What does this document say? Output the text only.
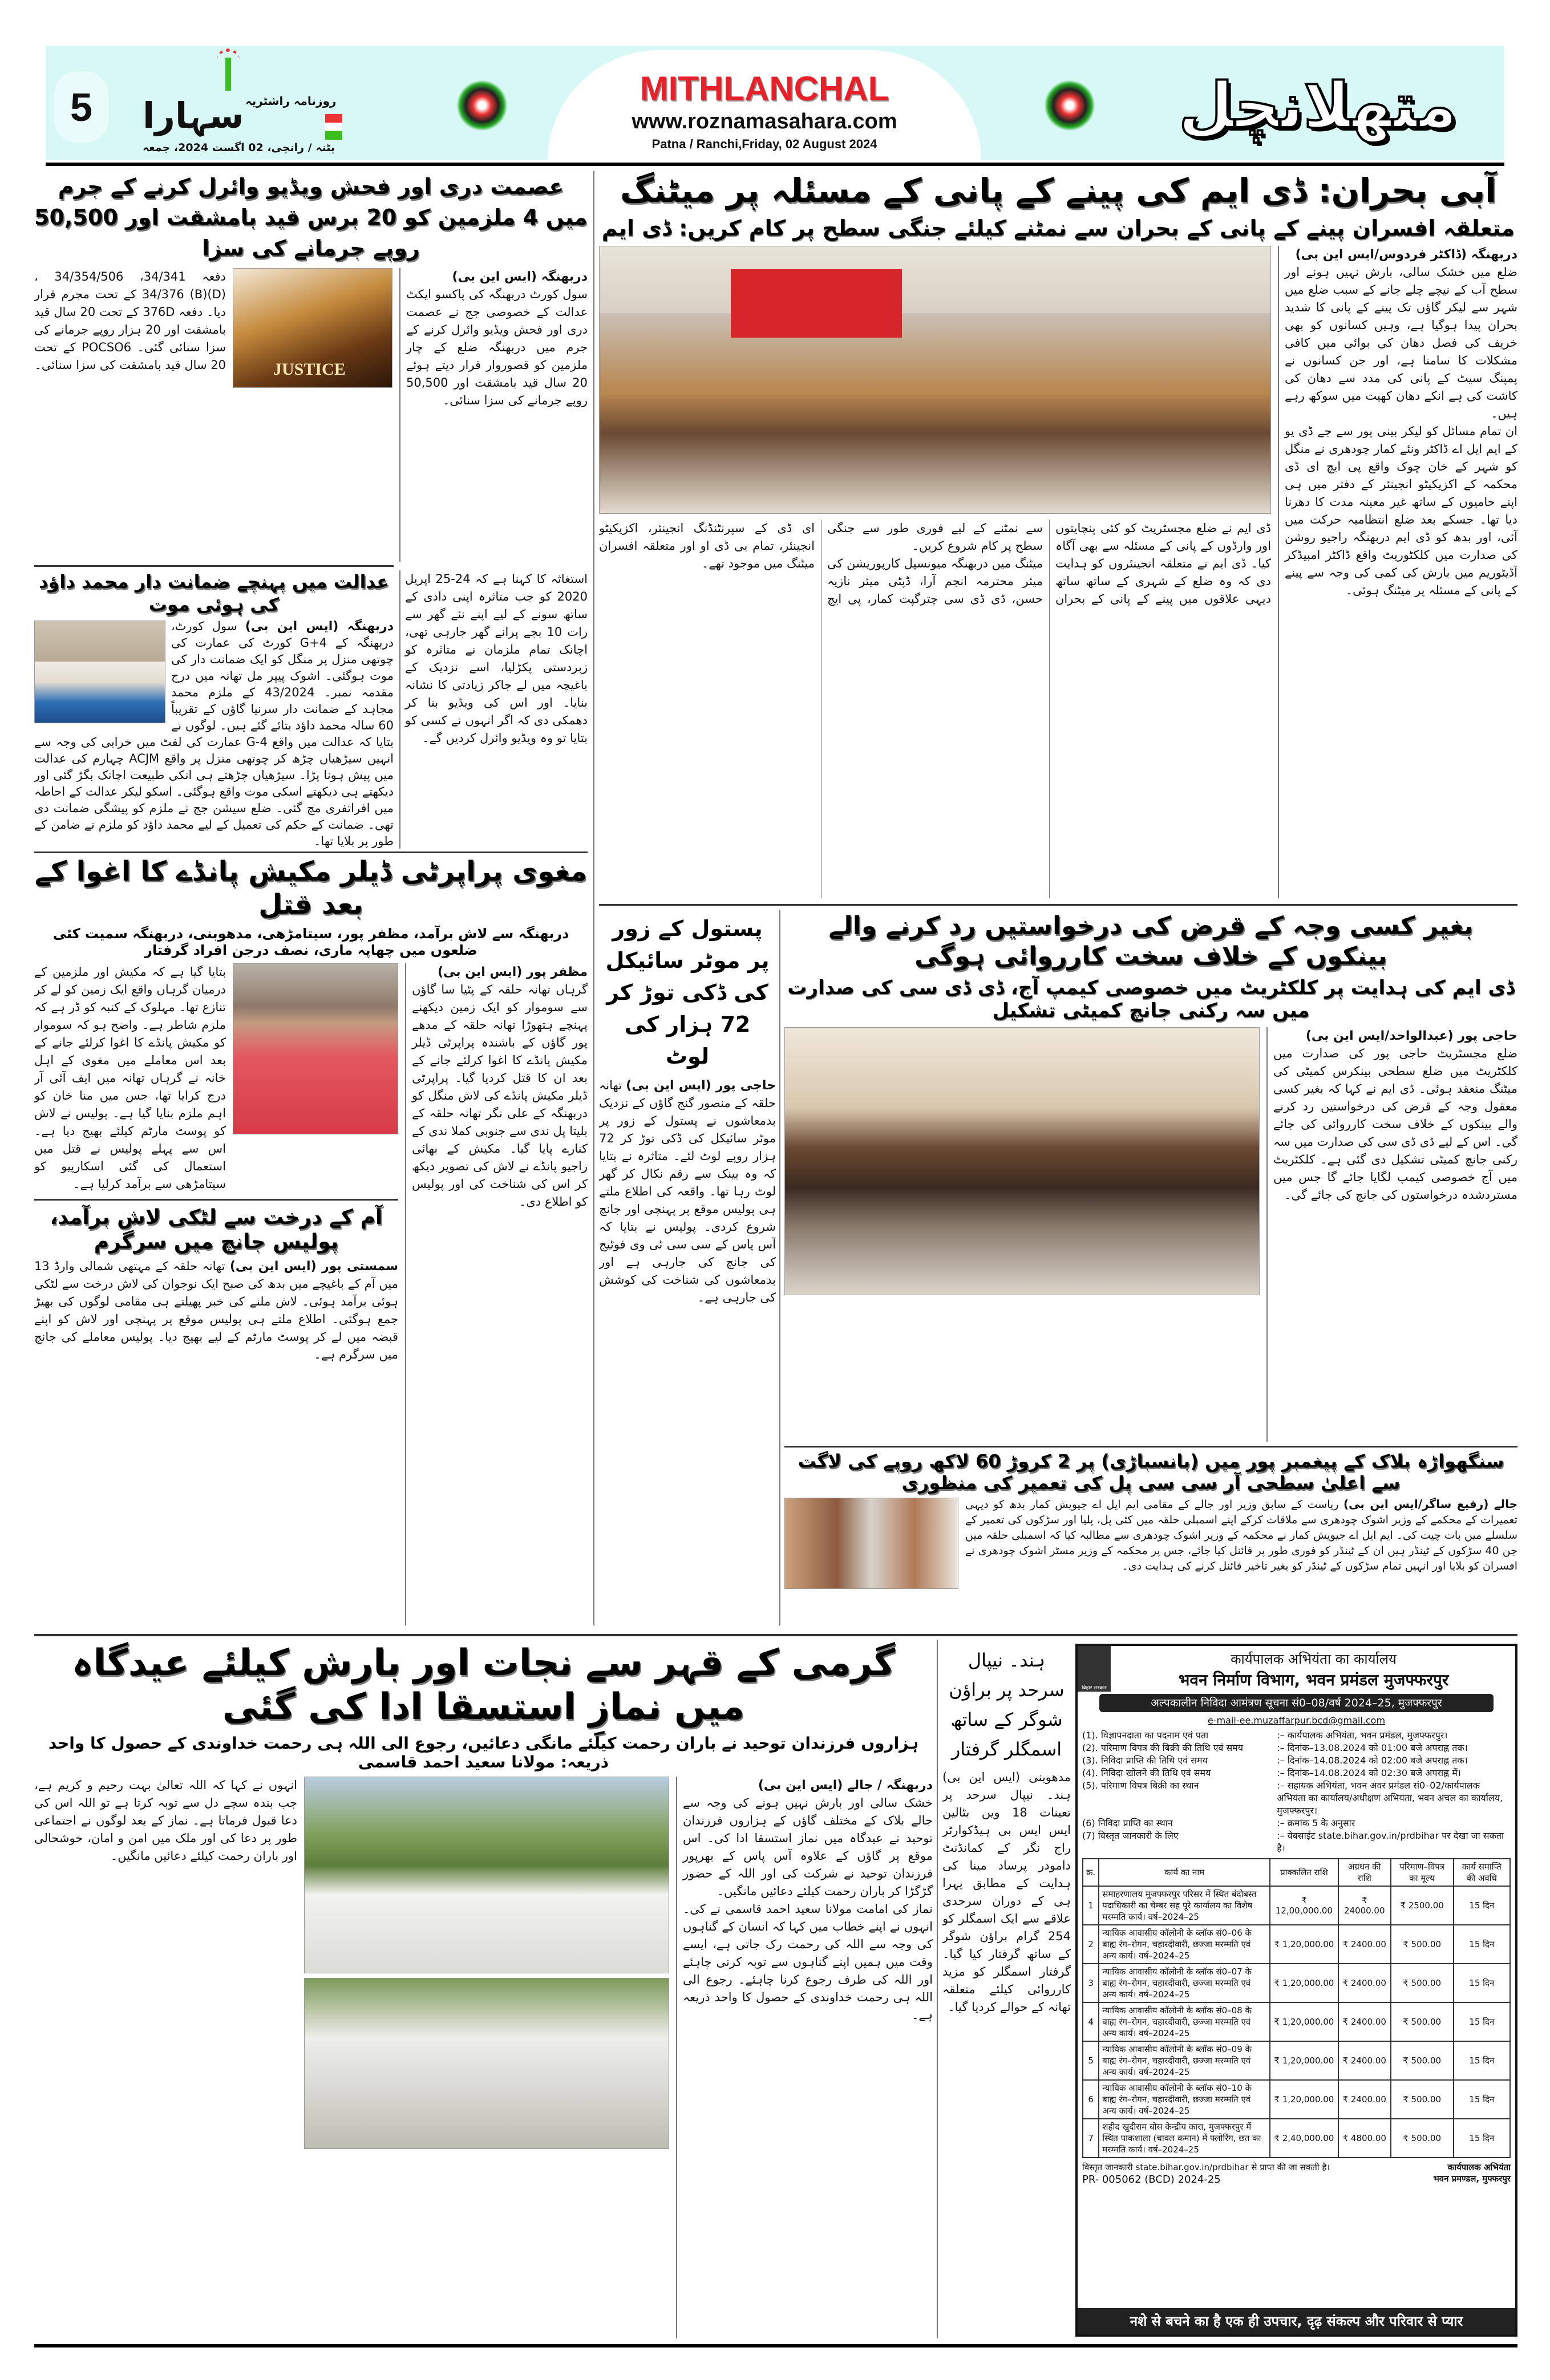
5	روزنامہ راشٹریہ
سہارا
پٹنہ / رانچی، 02 اگست 2024، جمعہ
MITHLANCHAL
www.roznamasahara.com
Patna / Ranchi,Friday, 02 August 2024
متھلانچل
آبی بحران: ڈی ایم کی پینے کے پانی کے مسئلہ پر میٹنگ
متعلقہ افسران پینے کے پانی کے بحران سے نمٹنے کیلئے جنگی سطح پر کام کریں: ڈی ایم
دربھنگہ (ڈاکٹر فردوس/ایس این بی)

ضلع میں خشک سالی، بارش نہیں ہونے اور سطح آب کے نیچے چلے جانے کے سبب ضلع میں شہر سے لیکر گاؤں تک پینے کے پانی کا شدید بحران پیدا ہوگیا ہے، وہیں کسانوں کو بھی خریف کی فصل دھان کی بوائی میں کافی مشکلات کا سامنا ہے، اور جن کسانوں نے پمپنگ سیٹ کے پانی کی مدد سے دھان کی کاشت کی ہے انکے دھان کھیت میں سوکھ رہے ہیں۔

ان تمام مسائل کو لیکر بینی پور سے جے ڈی یو کے ایم ایل اے ڈاکٹر ونئے کمار چودھری نے منگل کو شہر کے خان چوک واقع پی ایچ ای ڈی محکمہ کے اکزیکیٹو انجینئر کے دفتر میں ہی اپنے حامیوں کے ساتھ غیر معینہ مدت کا دھرنا دیا تھا۔ جسکے بعد ضلع انتظامیہ حرکت میں آئی، اور بدھ کو ڈی ایم دربھنگہ راجیو روشن کی صدارت میں کلکٹوریٹ واقع ڈاکٹر امبیڈکر آڈیٹوریم میں بارش کی کمی کی وجہ سے پینے کے پانی کے مسئلہ پر میٹنگ ہوئی۔

ڈی ایم نے ضلع مجسٹریٹ کو کئی پنچایتوں اور وارڈوں کے پانی کے مسئلہ سے بھی آگاہ کیا۔ ڈی ایم نے متعلقہ انجینئروں کو ہدایت دی کہ وہ ضلع کے شہری کے ساتھ ساتھ دیہی علاقوں میں پینے کے پانی کے بحران سے نمٹنے کے لیے فوری طور سے جنگی سطح پر کام شروع کریں۔

میٹنگ میں دربھنگہ میونسپل کارپوریشن کی میئر محترمہ انجم آرا، ڈپٹی میئر نازیہ حسن، ڈی ڈی سی چترگپت کمار، پی ایچ ای ڈی کے سپرنٹنڈنگ انجینئر، اکزیکیٹو انجینئر، تمام بی ڈی او اور متعلقہ افسران میٹنگ میں موجود تھے۔

عصمت دری اور فحش ویڈیو وائرل کرنے کے جرم میں 4 ملزمین کو 20 برس قید بامشقت اور 50,500 روپے جرمانے کی سزا
دربھنگہ (ایس این بی)

سول کورٹ دربھنگہ کی پاکسو ایکٹ عدالت کے خصوصی جج نے عصمت دری اور فحش ویڈیو وائرل کرنے کے جرم میں دربھنگہ ضلع کے چار ملزمین کو قصوروار قرار دیتے ہوئے 20 سال قید بامشقت اور 50,500 روپے جرمانے کی سزا سنائی۔

JUSTICE

دفعہ 34/341، 34/354/506 ، (D)34/376 (B) کے تحت مجرم قرار دیا۔ دفعہ 376D کے تحت 20 سال قید بامشقت اور 20 ہزار روپے جرمانے کی سزا سنائی گئی۔ POCSO6 کے تحت 20 سال قید بامشقت کی سزا سنائی۔

استغاثہ کا کہنا ہے کہ 24-25 اپریل 2020 کو جب متاثرہ اپنی دادی کے ساتھ سونے کے لیے اپنے نئے گھر سے رات 10 بجے پرانے گھر جارہی تھی، اچانک تمام ملزمان نے متاثرہ کو زبردستی پکڑلیا، اسے نزدیک کے باغیچہ میں لے جاکر زیادتی کا نشانہ بنایا۔ اور اس کی ویڈیو بنا کر دھمکی دی کہ اگر انہوں نے کسی کو بتایا تو وہ ویڈیو وائرل کردیں گے۔

عدالت میں پہنچے ضمانت دار محمد داؤد کی ہوئی موت
دربھنگہ (ایس این بی) سول کورٹ، دربھنگہ کے G+4 کورٹ کی عمارت کی چوتھی منزل پر منگل کو ایک ضمانت دار کی موت ہوگئی۔ اشوک پیپر مل تھانہ میں درج مقدمہ نمبر۔ 43/2024 کے ملزم محمد مجاہد کے ضمانت دار سرنیا گاؤں کے تقریباً 60 سالہ محمد داؤد بتائے گئے ہیں۔ لوگوں نے بتایا کہ عدالت میں واقع G-4 عمارت کی لفٹ میں خرابی کی وجہ سے انہیں سیڑھیاں چڑھ کر چوتھی منزل پر واقع ACJM چہارم کی عدالت میں پیش ہونا پڑا۔ سیڑھیاں چڑھتے ہی انکی طبیعت اچانک بگڑ گئی اور دیکھتے ہی دیکھتے اسکی موت واقع ہوگئی۔ اسکو لیکر عدالت کے احاطہ میں افراتفری مچ گئی۔ ضلع سیشن جج نے ملزم کو پیشگی ضمانت دی تھی۔ ضمانت کے حکم کی تعمیل کے لیے محمد داؤد کو ملزم نے ضامن کے طور پر بلایا تھا۔
مغوی پراپرٹی ڈیلر مکیش پانڈے کا اغوا کے بعد قتل
دربھنگہ سے لاش برآمد، مظفر پور، سیتامڑھی، مدھوبنی، دربھنگہ سمیت کئی ضلعوں میں چھاپہ ماری، نصف درجن افراد گرفتار
مظفر پور (ایس این بی)

گرہاں تھانہ حلقہ کے پٹیا سا گاؤں سے سوموار کو ایک زمین دیکھنے پہنچے ہتھوڑا تھانہ حلقہ کے مدھے پور گاؤں کے باشندہ پراپرٹی ڈیلر مکیش پانڈے کا اغوا کرلئے جانے کے بعد ان کا قتل کردیا گیا۔ پراپرٹی ڈیلر مکیش پانڈے کی لاش منگل کو دربھنگہ کے علی نگر تھانہ حلقہ کے بلیتا پل ندی سے جنوبی کملا ندی کے کنارے پایا گیا۔ مکیش کے بھائی راجیو پانڈے نے لاش کی تصویر دیکھ کر اس کی شناخت کی اور پولیس کو اطلاع دی۔

بتایا گیا ہے کہ مکیش اور ملزمین کے درمیان گرہاں واقع ایک زمین کو لے کر تنازع تھا۔ مہلوک کے کنبہ کو ڈر ہے کہ ملزم شاطر ہے۔ واضح ہو کہ سوموار کو مکیش پانڈے کا اغوا کرلئے جانے کے بعد اس معاملے میں مغوی کے اہل خانہ نے گرہاں تھانہ میں ایف آئی آر درج کرایا تھا، جس میں منا خان کو اہم ملزم بنایا گیا ہے۔ پولیس نے لاش کو پوسٹ مارٹم کیلئے بھیج دیا ہے۔ اس سے پہلے پولیس نے قتل میں استعمال کی گئی اسکارپیو کو سیتامڑھی سے برآمد کرلیا ہے۔

آم کے درخت سے لٹکی لاش برآمد، پولیس جانچ میں سرگرم
سمستی پور (ایس این بی) تھانہ حلقہ کے مہتھی شمالی وارڈ 13 میں آم کے باغیچے میں بدھ کی صبح ایک نوجوان کی لاش درخت سے لٹکی ہوئی برآمد ہوئی۔ لاش ملنے کی خبر پھیلتے ہی مقامی لوگوں کی بھیڑ جمع ہوگئی۔ اطلاع ملتے ہی پولیس موقع پر پہنچی اور لاش کو اپنے قبضہ میں لے کر پوسٹ مارٹم کے لیے بھیج دیا۔ پولیس معاملے کی جانچ میں سرگرم ہے۔
پستول کے زور پر موٹر سائیکل کی ڈکی توڑ کر 72 ہزار کی لوٹ
حاجی پور (ایس این بی) تھانہ حلقہ کے منصور گنج گاؤں کے نزدیک بدمعاشوں نے پستول کے زور پر موٹر سائیکل کی ڈکی توڑ کر 72 ہزار روپے لوٹ لئے۔ متاثرہ نے بتایا کہ وہ بینک سے رقم نکال کر گھر لوٹ رہا تھا۔ واقعہ کی اطلاع ملتے ہی پولیس موقع پر پہنچی اور جانچ شروع کردی۔ پولیس نے بتایا کہ آس پاس کے سی سی ٹی وی فوٹیج کی جانچ کی جارہی ہے اور بدمعاشوں کی شناخت کی کوشش کی جارہی ہے۔
بغیر کسی وجہ کے قرض کی درخواستیں رد کرنے والے بینکوں کے خلاف سخت کارروائی ہوگی
ڈی ایم کی ہدایت پر کلکٹریٹ میں خصوصی کیمپ آج، ڈی ڈی سی کی صدارت میں سہ رکنی جانچ کمیٹی تشکیل
حاجی پور (عبدالواحد/ایس این بی)

ضلع مجسٹریٹ حاجی پور کی صدارت میں کلکٹریٹ میں ضلع سطحی بینکرس کمیٹی کی میٹنگ منعقد ہوئی۔ ڈی ایم نے کہا کہ بغیر کسی معقول وجہ کے قرض کی درخواستیں رد کرنے والے بینکوں کے خلاف سخت کارروائی کی جائے گی۔ اس کے لیے ڈی ڈی سی کی صدارت میں سہ رکنی جانچ کمیٹی تشکیل دی گئی ہے۔ کلکٹریٹ میں آج خصوصی کیمپ لگایا جائے گا جس میں مستردشدہ درخواستوں کی جانچ کی جائے گی۔

سنگھواڑہ بلاک کے پیغمبر پور میں (بانسباڑی) پر 2 کروڑ 60 لاکھ روپے کی لاگت سے اعلیٰ سطحی آر سی سی پل کی تعمیر کی منظوری
جالے (رفیع ساگر/ایس این بی) ریاست کے سابق وزیر اور جالے کے مقامی ایم ایل اے جیویش کمار بدھ کو دیہی تعمیرات کے محکمے کے وزیر اشوک چودھری سے ملاقات کرکے اپنے اسمبلی حلقہ میں کئی پل، پلیا اور سڑکوں کی تعمیر کے سلسلے میں بات چیت کی۔ ایم ایل اے جیویش کمار نے محکمہ کے وزیر اشوک چودھری سے مطالبہ کیا کہ اسمبلی حلقہ میں جن 40 سڑکوں کے ٹینڈر ہیں ان کے ٹینڈر کو فوری طور پر فائنل کیا جائے، جس پر محکمہ کے وزیر مسٹر اشوک چودھری نے افسران کو بلایا اور انہیں تمام سڑکوں کے ٹینڈر کو بغیر تاخیر فائنل کرنے کی ہدایت دی۔
گرمی کے قہر سے نجات اور بارش کیلئے عیدگاہ میں نمازِ استسقا ادا کی گئی
ہزاروں فرزندان توحید نے باران رحمت کیلئے مانگی دعائیں، رجوع الی اللہ ہی رحمت خداوندی کے حصول کا واحد ذریعہ: مولانا سعید احمد قاسمی
دربھنگہ / جالے (ایس این بی)

خشک سالی اور بارش نہیں ہونے کی وجہ سے جالے بلاک کے مختلف گاؤں کے ہزاروں فرزندان توحید نے عیدگاہ میں نماز استسقا ادا کی۔ اس موقع پر گاؤں کے علاوہ آس پاس کے بھرپور فرزندان توحید نے شرکت کی اور اللہ کے حضور گڑگڑا کر باران رحمت کیلئے دعائیں مانگیں۔

نماز کی امامت مولانا سعید احمد قاسمی نے کی۔ انہوں نے اپنے خطاب میں کہا کہ انسان کے گناہوں کی وجہ سے اللہ کی رحمت رک جاتی ہے، ایسے وقت میں ہمیں اپنے گناہوں سے توبہ کرنی چاہئے اور اللہ کی طرف رجوع کرنا چاہئے۔ رجوع الی اللہ ہی رحمت خداوندی کے حصول کا واحد ذریعہ ہے۔

انہوں نے کہا کہ اللہ تعالیٰ بہت رحیم و کریم ہے، جب بندہ سچے دل سے توبہ کرتا ہے تو اللہ اس کی دعا قبول فرماتا ہے۔ نماز کے بعد لوگوں نے اجتماعی طور پر دعا کی اور ملک میں امن و امان، خوشحالی اور باران رحمت کیلئے دعائیں مانگیں۔

ہند۔ نیپال سرحد پر براؤن شوگر کے ساتھ اسمگلر گرفتار
مدھوبنی (ایس این بی) ہند۔ نیپال سرحد پر تعینات 18 ویں بٹالین ایس ایس بی ہیڈکوارٹر راج نگر کے کمانڈنٹ دامودر پرساد مینا کی ہدایت کے مطابق پہرا ہی کے دوران سرحدی علاقے سے ایک اسمگلر کو 254 گرام براؤن شوگر کے ساتھ گرفتار کیا گیا۔ گرفتار اسمگلر کو مزید کارروائی کیلئے متعلقہ تھانہ کے حوالے کردیا گیا۔
बिहार सरकार
कार्यपालक अभियंता का कार्यालय
भवन निर्माण विभाग, भवन प्रमंडल मुजफ्फरपुर
अल्पकालीन निविदा आमंत्रण सूचना सं0–08/वर्ष 2024–25, मुजफ्फरपुर
e-mail-ee.muzaffarpur.bcd@gmail.com
(1). विज्ञापनदाता का पदनाम एवं पता	:– कार्यपालक अभियंता, भवन प्रमंडल, मुजफ्फरपुर।
(2). परिमाण विपत्र की बिक्री की तिथि एवं समय	:– दिनांक–13.08.2024 को 01:00 बजे अपराह्न तक।
(3). निविदा प्राप्ति की तिथि एवं समय	:– दिनांक–14.08.2024 को 02:00 बजे अपराह्न तक।
(4). निविदा खोलने की तिथि एवं समय	:– दिनांक–14.08.2024 को 02:30 बजे अपराह्न में।
(5). परिमाण विपत्र बिक्री का स्थान	:– सहायक अभियंता, भवन अवर प्रमंडल सं0–02/कार्यपालक अभियंता का कार्यालय/अधीक्षण अभियंता, भवन अंचल का कार्यालय, मुजफ्फरपुर।
(6) निविदा प्राप्ति का स्थान	:– क्रमांक 5 के अनुसार
(7) विस्तृत जानकारी के लिए	:– वेबसाईट state.bihar.gov.in/prdbihar पर देखा जा सकता है।
क्र.	कार्य का नाम	प्राक्कलित राशि	अग्रधन की राशि	परिमाण–विपत्र का मूल्य	कार्य समाप्ति की अवधि
1	समाहरणालय मुजफ्फरपुर परिसर में स्थित बंदोबस्त पदाधिकारी का चेम्बर सह पूरे कार्यालय का विशेष मरम्मति कार्य। वर्ष–2024–25	₹ 12,00,000.00	₹ 24000.00	₹ 2500.00	15 दिन
2	न्यायिक आवासीय कॉलोनी के ब्लॉक सं0–06 के बाह्य रंग–रोगन, चहारदीवारी, छज्जा मरम्मति एवं अन्य कार्य। वर्ष–2024–25	₹ 1,20,000.00	₹ 2400.00	₹ 500.00	15 दिन
3	न्यायिक आवासीय कॉलोनी के ब्लॉक सं0–07 के बाह्य रंग–रोगन, चहारदीवारी, छज्जा मरम्मति एवं अन्य कार्य। वर्ष–2024–25	₹ 1,20,000.00	₹ 2400.00	₹ 500.00	15 दिन
4	न्यायिक आवासीय कॉलोनी के ब्लॉक सं0–08 के बाह्य रंग–रोगन, चहारदीवारी, छज्जा मरम्मति एवं अन्य कार्य। वर्ष–2024–25	₹ 1,20,000.00	₹ 2400.00	₹ 500.00	15 दिन
5	न्यायिक आवासीय कॉलोनी के ब्लॉक सं0–09 के बाह्य रंग–रोगन, चहारदीवारी, छज्जा मरम्मति एवं अन्य कार्य। वर्ष–2024–25	₹ 1,20,000.00	₹ 2400.00	₹ 500.00	15 दिन
6	न्यायिक आवासीय कॉलोनी के ब्लॉक सं0–10 के बाह्य रंग–रोगन, चहारदीवारी, छज्जा मरम्मति एवं अन्य कार्य। वर्ष–2024–25	₹ 1,20,000.00	₹ 2400.00	₹ 500.00	15 दिन
7	शहीद खुदीराम बोस केन्द्रीय कारा, मुजफ्फरपुर में स्थित पाकशाला (चावल कमान) में फ्लोरिंग, छत का मरम्मति कार्य। वर्ष–2024–25	₹ 2,40,000.00	₹ 4800.00	₹ 500.00	15 दिन
विस्तृत जानकारी state.bihar.gov.in/prdbihar से प्राप्त की जा सकती है।
PR- 005062 (BCD) 2024-25
कार्यपालक अभियंता
भवन प्रमण्डल, मुफ्फरपुर
नशे से बचने का है एक ही उपचार, दृढ़ संकल्प और परिवार से प्यार
